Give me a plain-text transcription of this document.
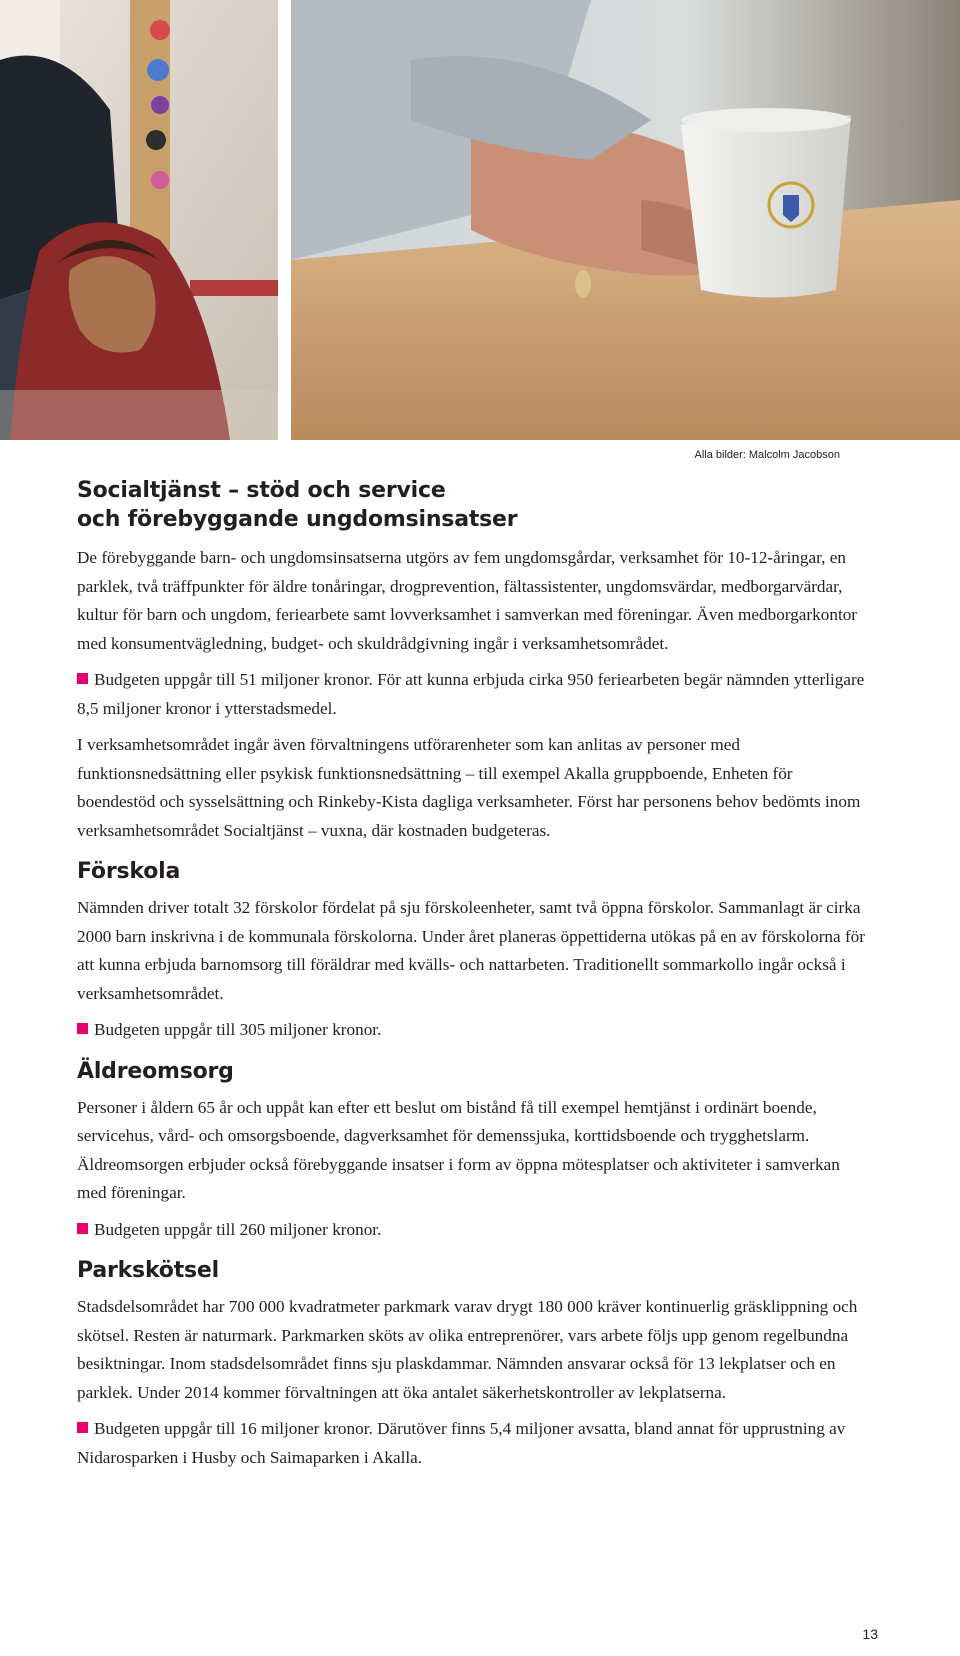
Alla bilder: Malcolm Jacobson
Socialtjänst – stöd och service
och förebyggande ungdomsinsatser

De förebyggande barn- och ungdomsinsatserna utgörs av fem ungdomsgårdar, verksamhet för 10-12-åringar, en parklek, två träffpunkter för äldre tonåringar, drogprevention, fältassistenter, ungdomsvärdar, medborgarvärdar, kultur för barn och ungdom, feriearbete samt lovverksamhet i samverkan med föreningar. Även medborgarkontor med konsumentvägledning, budget- och skuldrådgivning ingår i verksamhetsområdet.

Budgeten uppgår till 51 miljoner kronor. För att kunna erbjuda cirka 950 feriearbeten begär nämnden ytterligare 8,5 miljoner kronor i ytterstadsmedel.

I verksamhetsområdet ingår även förvaltningens utförarenheter som kan anlitas av personer med funktionsnedsättning eller psykisk funktionsnedsättning – till exempel Akalla gruppboende, Enheten för boendestöd och sysselsättning och Rinkeby-Kista dagliga verksamheter. Först har personens behov bedömts inom verksamhetsområdet Socialtjänst – vuxna, där kostnaden budgeteras.

Förskola

Nämnden driver totalt 32 förskolor fördelat på sju förskoleenheter, samt två öppna förskolor. Sammanlagt är cirka 2000 barn inskrivna i de kommunala förskolorna. Under året planeras öppettiderna utökas på en av förskolorna för att kunna erbjuda barnomsorg till föräldrar med kvälls- och nattarbeten. Traditionellt sommarkollo ingår också i verksamhetsområdet.

Budgeten uppgår till 305 miljoner kronor.

Äldreomsorg

Personer i åldern 65 år och uppåt kan efter ett beslut om bistånd få till exempel hemtjänst i ordinärt boende, servicehus, vård- och omsorgsboende, dagverksamhet för demenssjuka, korttidsboende och trygghetslarm. Äldreomsorgen erbjuder också förebyggande insatser i form av öppna mötesplatser och aktiviteter i samverkan med föreningar.

Budgeten uppgår till 260 miljoner kronor.

Parkskötsel

Stadsdelsområdet har 700 000 kvadratmeter parkmark varav drygt 180 000 kräver kontinuerlig gräsklippning och skötsel. Resten är naturmark. Parkmarken sköts av olika entreprenörer, vars arbete följs upp genom regelbundna besiktningar. Inom stadsdelsområdet finns sju plaskdammar. Nämnden ansvarar också för 13 lekplatser och en parklek. Under 2014 kommer förvaltningen att öka antalet säkerhetskontroller av lekplatserna.

Budgeten uppgår till 16 miljoner kronor. Därutöver finns 5,4 miljoner avsatta, bland annat för upprustning av Nidarosparken i Husby och Saimaparken i Akalla.

13
